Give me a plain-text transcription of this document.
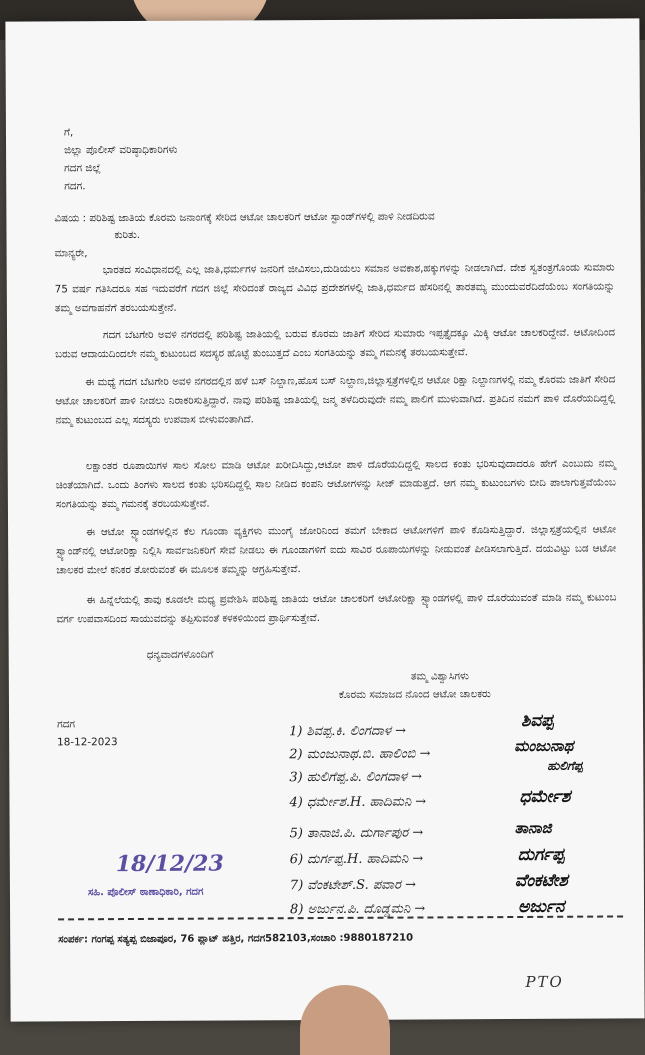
ಗೆ,
ಜಿಲ್ಲಾ ಪೊಲೀಸ್ ವರಿಷ್ಠಾಧಿಕಾರಿಗಳು
ಗದಗ ಜಿಲ್ಲೆ
ಗದಗ.
ವಿಷಯ : ಪರಿಶಿಷ್ಟ ಜಾತಿಯ ಕೊರಮ ಜನಾಂಗಕ್ಕೆ ಸೇರಿದ ಆಟೋ ಚಾಲಕರಿಗೆ ಆಟೋ ಸ್ಟಾಂಡ್‌ಗಳಲ್ಲಿ ಪಾಳಿ ನೀಡದಿರುವ
ಕುರಿತು.
ಮಾನ್ಯರೇ,
ಭಾರತದ ಸಂವಿಧಾನದಲ್ಲಿ ಎಲ್ಲ ಜಾತಿ,ಧರ್ಮಗಳ ಜನರಿಗೆ ಜೀವಿಸಲು,ದುಡಿಯಲು ಸಮಾನ ಅವಕಾಶ,ಹಕ್ಕುಗಳನ್ನು ನೀಡಲಾಗಿದೆ. ದೇಶ ಸ್ವತಂತ್ರಗೊಂಡು ಸುಮಾರು 75 ವರ್ಷ ಗತಿಸಿದರೂ ಸಹ ಇದುವರೆಗೆ ಗದಗ ಜಿಲ್ಲೆ ಸೇರಿದಂತೆ ರಾಜ್ಯದ ವಿವಿಧ ಪ್ರದೇಶಗಳಲ್ಲಿ ಜಾತಿ,ಧರ್ಮದ ಹೆಸರಿನಲ್ಲಿ ತಾರತಮ್ಯ ಮುಂದುವರೆದಿದೆಯೆಂಬ ಸಂಗತಿಯನ್ನು ತಮ್ಮ ಅವಗಾಹನೆಗೆ ತರಬಯಸುತ್ತೇನೆ.
ಗದಗ ಬೆಟಗೇರಿ ಅವಳಿ ನಗರದಲ್ಲಿ ಪರಿಶಿಷ್ಟ ಜಾತಿಯಲ್ಲಿ ಬರುವ ಕೊರಮ ಜಾತಿಗೆ ಸೇರಿದ ಸುಮಾರು ಇಪ್ಪತ್ತೈದಕ್ಕೂ ಮಿಕ್ಕಿ ಆಟೋ ಚಾಲಕರಿದ್ದೇವೆ. ಆಟೋದಿಂದ ಬರುವ ಆದಾಯದಿಂದಲೇ ನಮ್ಮ ಕುಟುಂಬದ ಸದಸ್ಯರ ಹೊಟ್ಟೆ ತುಂಬುತ್ತದೆ ಎಂಬ ಸಂಗತಿಯನ್ನು ತಮ್ಮ ಗಮನಕ್ಕೆ ತರಬಯಸುತ್ತೇವೆ.
ಈ ಮಧ್ಯೆ ಗದಗ ಬೆಟಗೇರಿ ಅವಳಿ ನಗರದಲ್ಲಿನ ಹಳೆ ಬಸ್ ನಿಲ್ದಾಣ,ಹೊಸ ಬಸ್ ನಿಲ್ದಾಣ,ಜಿಲ್ಲಾಸ್ಪತ್ರೆಗಳಲ್ಲಿನ ಆಟೋ ರಿಕ್ಷಾ ನಿಲ್ದಾಣಗಳಲ್ಲಿ ನಮ್ಮ ಕೊರಮ ಜಾತಿಗೆ ಸೇರಿದ ಆಟೋ ಚಾಲಕರಿಗೆ ಪಾಳಿ ನೀಡಲು ನಿರಾಕರಿಸುತ್ತಿದ್ದಾರೆ. ನಾವು ಪರಿಶಿಷ್ಟ ಜಾತಿಯಲ್ಲಿ ಜನ್ಮ ತಳೆದಿರುವುದೇ ನಮ್ಮ ಪಾಲಿಗೆ ಮುಳುವಾಗಿದೆ. ಪ್ರತಿದಿನ ನಮಗೆ ಪಾಳಿ ದೊರೆಯದಿದ್ದಲ್ಲಿ ನಮ್ಮ ಕುಟುಂಬದ ಎಲ್ಲ ಸದಸ್ಯರು ಉಪವಾಸ ಬೀಳುವಂತಾಗಿದೆ.
ಲಕ್ಷಾಂತರ ರೂಪಾಯಿಗಳ ಸಾಲ ಸೋಲ ಮಾಡಿ ಆಟೋ ಖರೀದಿಸಿದ್ದು,ಆಟೋ ಪಾಳಿ ದೊರೆಯದಿದ್ದಲ್ಲಿ ಸಾಲದ ಕಂತು ಭರಿಸುವುದಾದರೂ ಹೇಗೆ ಎಂಬುದು ನಮ್ಮ ಚಿಂತೆಯಾಗಿದೆ. ಒಂದು ತಿಂಗಳು ಸಾಲದ ಕಂತು ಭರಿಸದಿದ್ದಲ್ಲಿ ಸಾಲ ನೀಡಿದ ಕಂಪನಿ ಆಟೋಗಳನ್ನು ಸೀಜ್ ಮಾಡುತ್ತದೆ. ಆಗ ನಮ್ಮ ಕುಟುಂಬಗಳು ಬೀದಿ ಪಾಲಾಗುತ್ತವೆಯೆಂಬ ಸಂಗತಿಯನ್ನು ತಮ್ಮ ಗಮನಕ್ಕೆ ತರಬಯಸುತ್ತೇವೆ.
ಈ ಆಟೋ ಸ್ಟ್ಯಾಂಡಗಳಲ್ಲಿನ ಕೆಲ ಗೂಂಡಾ ವ್ಯಕ್ತಿಗಳು ಮುಂಗೈ ಜೋರಿನಿಂದ ತಮಗೆ ಬೇಕಾದ ಆಟೋಗಳಿಗೆ ಪಾಳಿ ಕೊಡಿಸುತ್ತಿದ್ದಾರೆ. ಜಿಲ್ಲಾಸ್ಪತ್ರೆಯಲ್ಲಿನ ಆಟೋ ಸ್ಟ್ಯಾಂಡ್‌ನಲ್ಲಿ ಆಟೋರಿಕ್ಷಾ ನಿಲ್ಲಿಸಿ ಸಾರ್ವಜನಿಕರಿಗೆ ಸೇವೆ ನೀಡಲು ಈ ಗೂಂಡಾಗಳಿಗೆ ಐದು ಸಾವಿರ ರೂಪಾಯಿಗಳನ್ನು ನೀಡುವಂತೆ ಪೀಡಿಸಲಾಗುತ್ತಿದೆ. ದಯವಿಟ್ಟು ಬಡ ಆಟೋ ಚಾಲಕರ ಮೇಲೆ ಕನಿಕರ ತೋರುವಂತೆ ಈ ಮೂಲಕ ತಮ್ಮನ್ನು ಆಗ್ರಹಿಸುತ್ತೇವೆ.
ಈ ಹಿನ್ನೆಲೆಯಲ್ಲಿ ತಾವು ಕೂಡಲೇ ಮಧ್ಯ ಪ್ರವೇಶಿಸಿ ಪರಿಶಿಷ್ಟ ಜಾತಿಯ ಆಟೋ ಚಾಲಕರಿಗೆ ಆಟೋರಿಕ್ಷಾ ಸ್ಟ್ಯಾಂಡಗಳಲ್ಲಿ ಪಾಳಿ ದೊರೆಯುವಂತೆ ಮಾಡಿ ನಮ್ಮ ಕುಟುಂಬ ವರ್ಗ ಉಪವಾಸದಿಂದ ಸಾಯುವದನ್ನು ತಪ್ಪಿಸುವಂತೆ ಕಳಕಳಿಯಿಂದ ಪ್ರಾರ್ಥಿಸುತ್ತೇವೆ.
ಧನ್ಯವಾದಗಳೊಂದಿಗೆ
ತಮ್ಮ ವಿಶ್ವಾಸಿಗಳು
ಕೊರಮ ಸಮಾಜದ ನೊಂದ ಆಟೋ ಚಾಲಕರು
ಗದಗ
18-12-2023
1) ಶಿವಪ್ಪ.ಕಿ. ಲಿಂಗದಾಳ →
2) ಮಂಜುನಾಥ.ಬಿ. ಹಾಲಿಂಬಿ →
3) ಹುಲಿಗೆಪ್ಪ.ಪಿ. ಲಿಂಗದಾಳ →
4) ಧರ್ಮೇಶ.H. ಹಾದಿಮನಿ →
5) ತಾನಾಜಿ.ಪಿ. ದುರ್ಗಾಪುರ →
6) ದುರ್ಗಪ್ಪ.H. ಹಾದಿಮನಿ →
7) ವೆಂಕಟೇಶ್.S. ಪವಾರ →
8) ಅರ್ಜುನ.ಪಿ. ದೊಡ್ಡಮನಿ →
ಶಿವಪ್ಪ
ಮಂಜುನಾಥ
ಹುಲಿಗೆಪ್ಪ
ಧರ್ಮೇಶ
ತಾನಾಜಿ
ದುರ್ಗಪ್ಪ
ವೆಂಕಟೇಶ
ಅರ್ಜುನ
18/12/23
ಸಹಿ. ಪೊಲೀಸ್ ಠಾಣಾಧಿಕಾರಿ, ಗದಗ
ಸಂಪರ್ಕ: ಗಂಗಪ್ಪ ಸತ್ಯಪ್ಪ ಬಿಜಾಪೂರ, 76 ಪ್ಲಾಟ್ ಹತ್ತಿರ, ಗದಗ582103,ಸಂಚಾರಿ :9880187210
PTO
